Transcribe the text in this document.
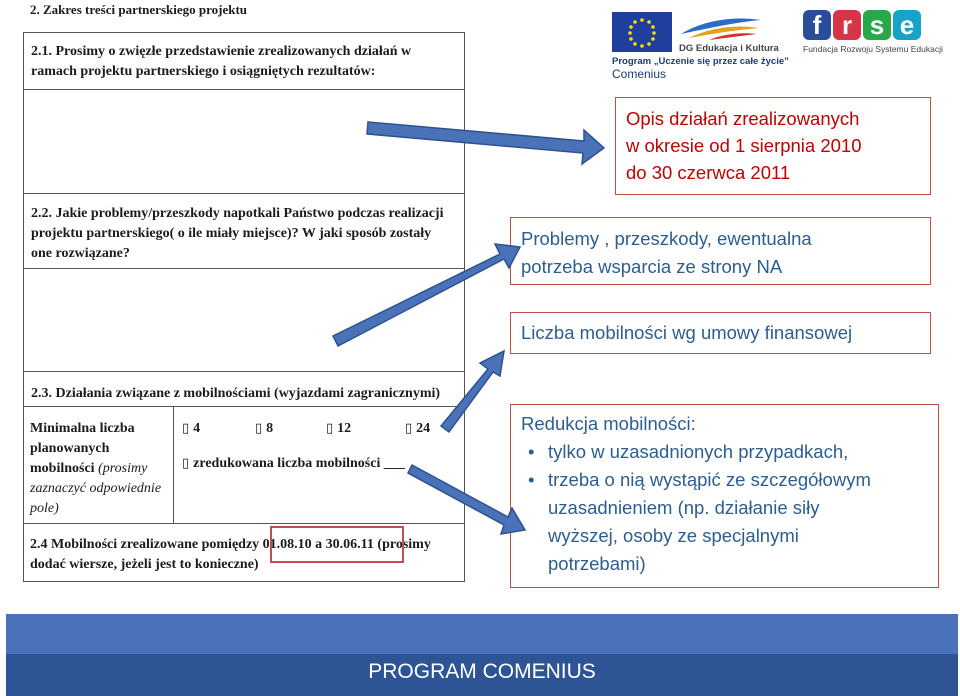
2. Zakres treści partnerskiego projektu
2.1. Prosimy o zwięzłe przedstawienie zrealizowanych działań w
ramach projektu partnerskiego i osiągniętych rezultatów:
2.2. Jakie problemy/przeszkody napotkali Państwo podczas realizacji
projektu partnerskiego( o ile miały miejsce)? W jaki sposób zostały
one rozwiązane?
2.3. Działania związane z mobilnościami (wyjazdami zagranicznymi)
Minimalna liczba
planowanych
mobilności (prosimy
zaznaczyć odpowiednie
pole)
▯ 4	▯ 8	▯ 12	▯ 24
▯ zredukowana liczba mobilności ___
2.4 Mobilności zrealizowane pomiędzy 01.08.10 a 30.06.11 (prosimy
dodać wiersze, jeżeli jest to konieczne)
DG Edukacja i Kultura
Program „Uczenie się przez całe życie”
Comenius
f r s e
Fundacja Rozwoju Systemu Edukacji
Opis działań zrealizowanych
w okresie od 1 sierpnia 2010
do 30 czerwca 2011
Problemy , przeszkody, ewentualna
potrzeba wsparcia ze strony NA
Liczba mobilności wg umowy finansowej
Redukcja mobilności:
• tylko w uzasadnionych przypadkach,
• trzeba o nią wystąpić ze szczegółowym
uzasadnieniem (np. działanie siły
wyższej, osoby ze specjalnymi
potrzebami)
PROGRAM COMENIUS
